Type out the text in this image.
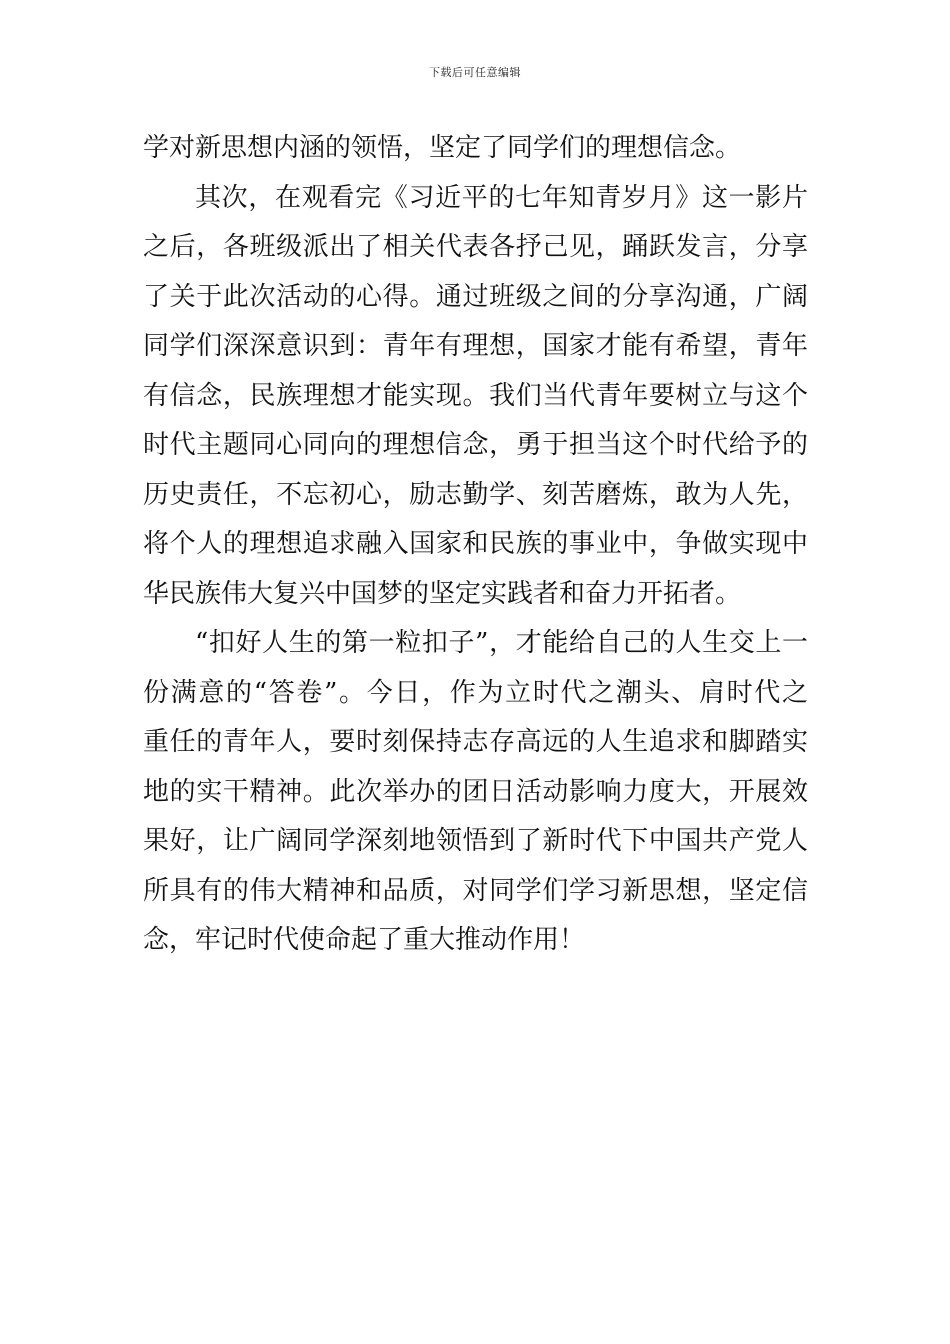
下载后可任意编辑
学对新思想内涵的领悟，坚定了同学们的理想信念。
其次，在观看完《习近平的七年知青岁月》这一影片
之后，各班级派出了相关代表各抒己见，踊跃发言，分享
了关于此次活动的心得。通过班级之间的分享沟通，广阔
同学们深深意识到：青年有理想，国家才能有希望，青年
有信念，民族理想才能实现。我们当代青年要树立与这个
时代主题同心同向的理想信念，勇于担当这个时代给予的
历史责任，不忘初心，励志勤学、刻苦磨炼，敢为人先，
将个人的理想追求融入国家和民族的事业中，争做实现中
华民族伟大复兴中国梦的坚定实践者和奋力开拓者。
“扣好人生的第一粒扣子”，才能给自己的人生交上一
份满意的“答卷”。今日，作为立时代之潮头、肩时代之
重任的青年人，要时刻保持志存高远的人生追求和脚踏实
地的实干精神。此次举办的团日活动影响力度大，开展效
果好，让广阔同学深刻地领悟到了新时代下中国共产党人
所具有的伟大精神和品质，对同学们学习新思想，坚定信
念，牢记时代使命起了重大推动作用！
